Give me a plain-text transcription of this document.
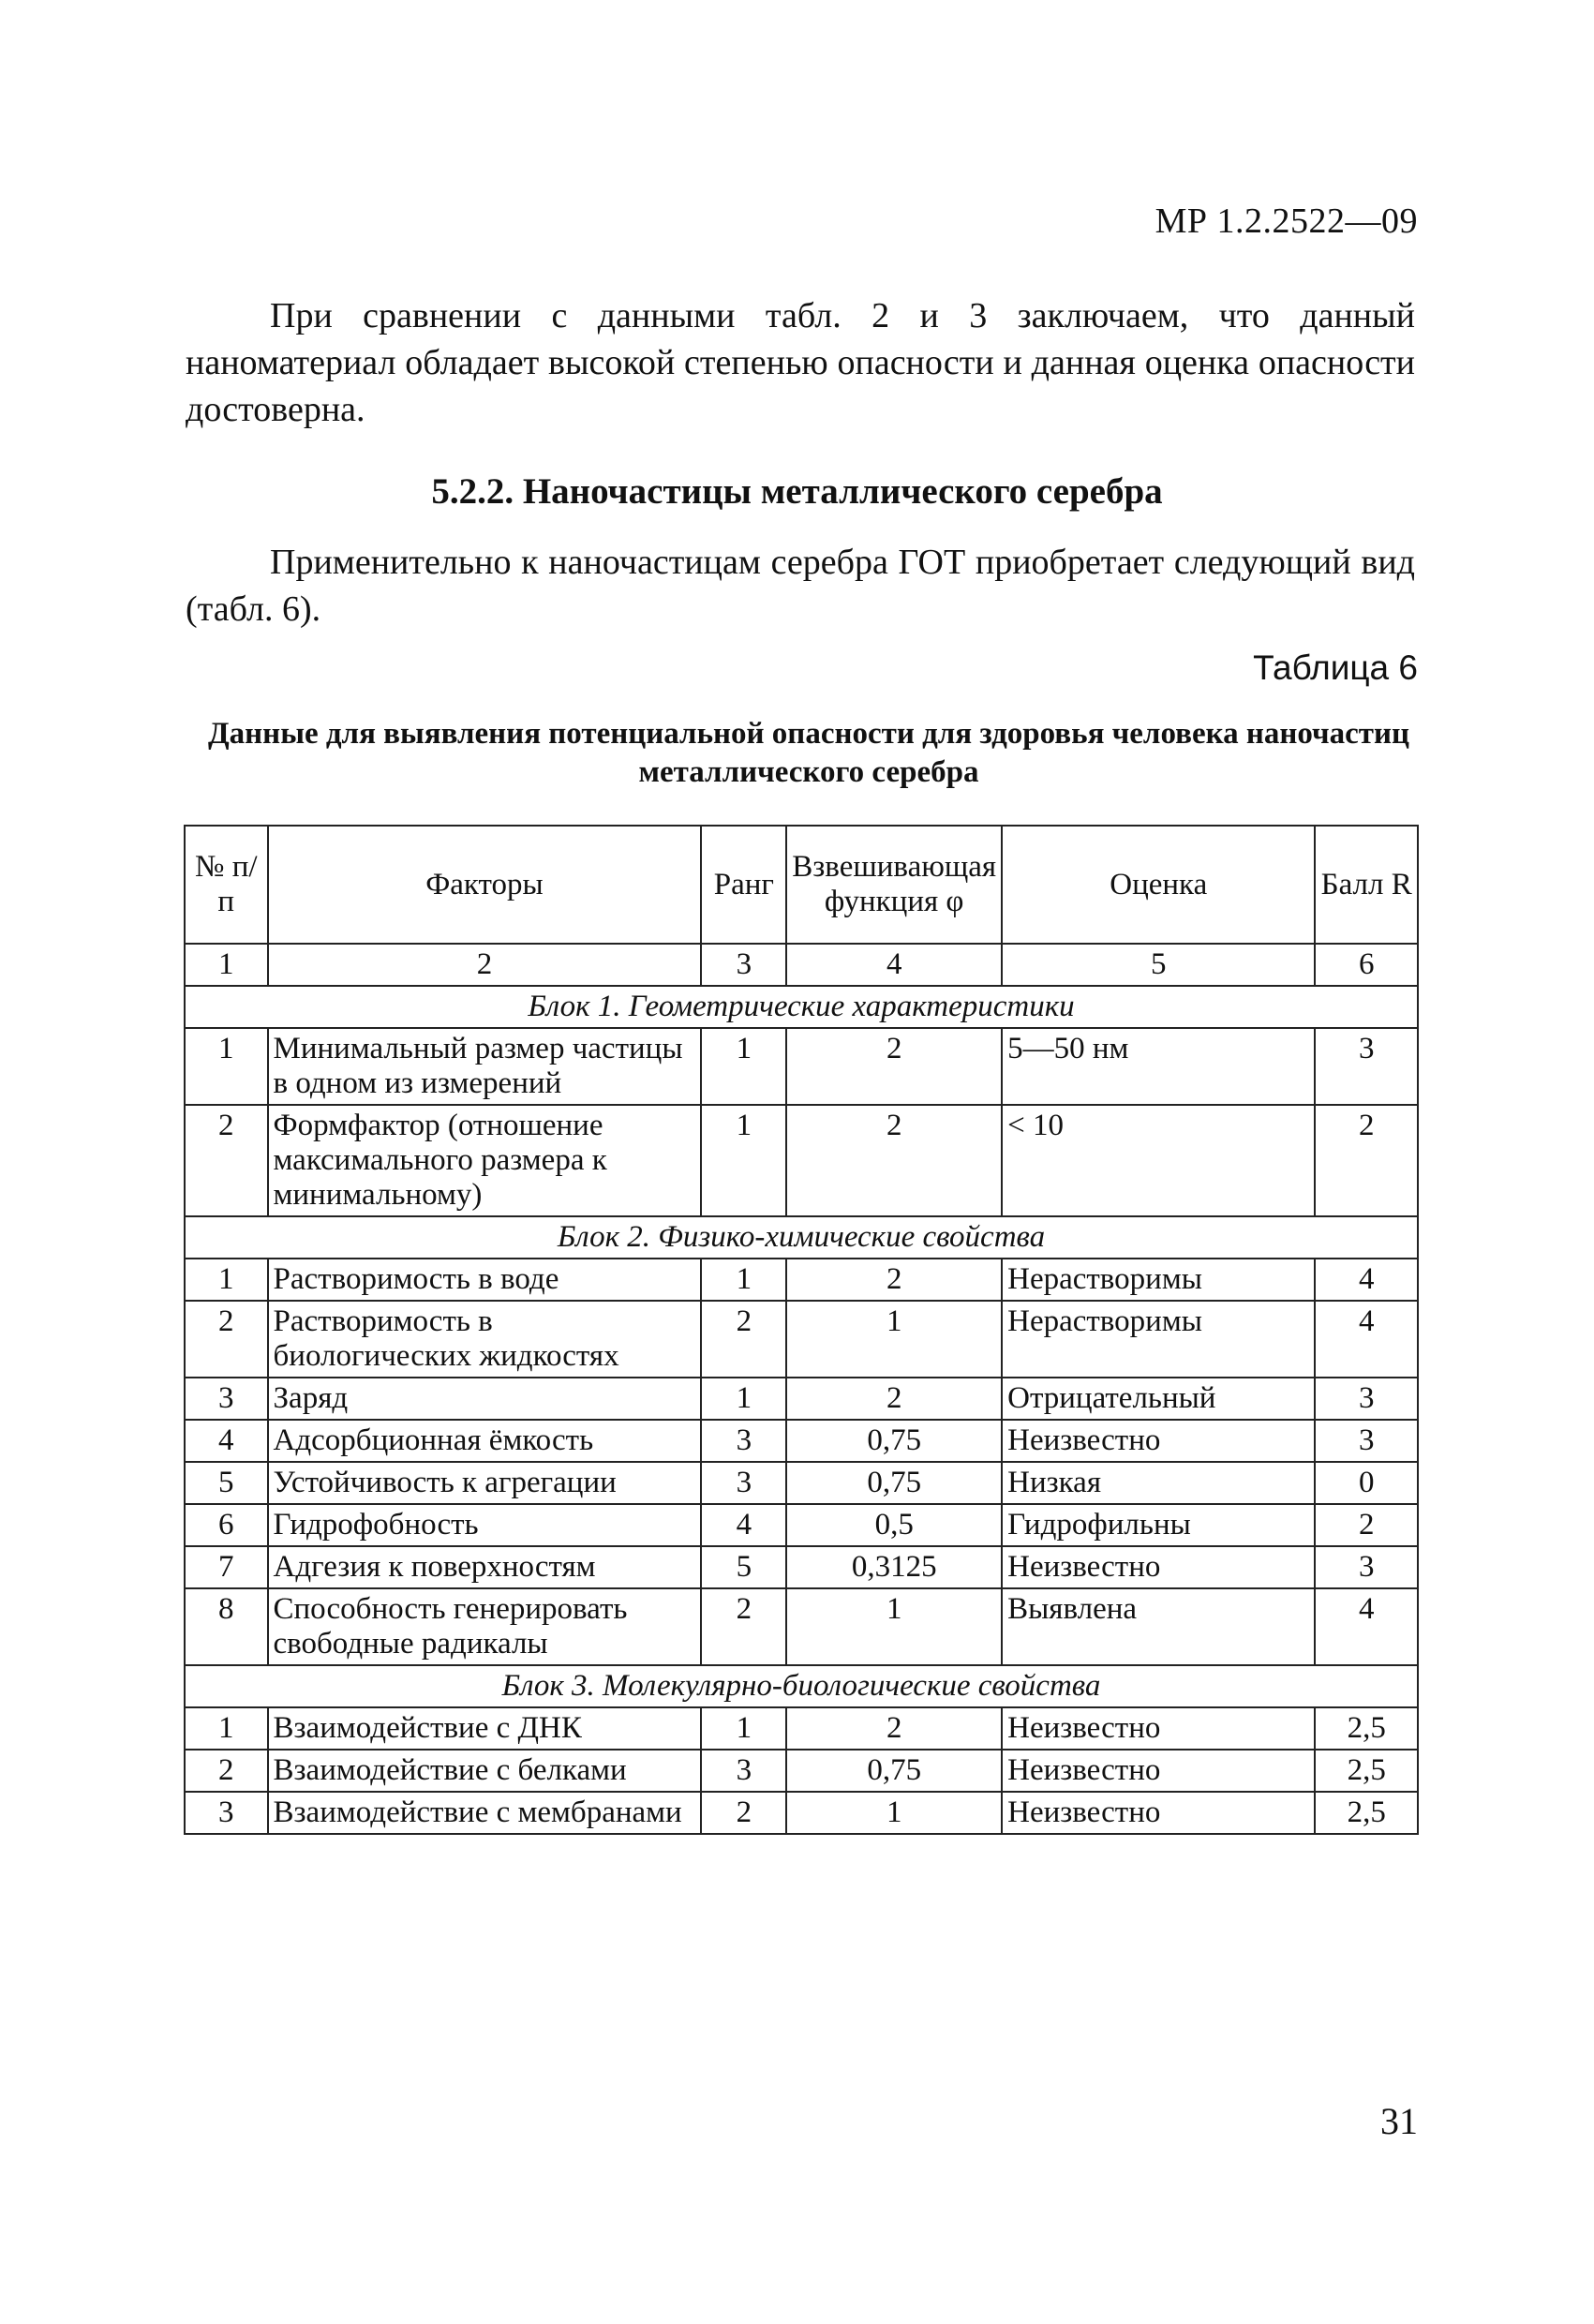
МР 1.2.2522—09

При сравнении с данными табл. 2 и 3 заключаем, что данный наноматериал обладает высокой степенью опасности и данная оценка опасности достоверна.

5.2.2. Наночастицы металлического серебра

Применительно к наночастицам серебра ГОТ приобретает следующий вид (табл. 6).

Таблица 6

Данные для выявления потенциальной опасности для здоровья человека наночастиц металлического серебра

№ п/п	Факторы	Ранг	Взвешивающая функция φ	Оценка	Балл R
1	2	3	4	5	6
Блок 1. Геометрические характеристики					
1	Минимальный размер частицы в одном из измерений	1	2	5—50 нм	3
2	Формфактор (отношение максимального размера к минимальному)	1	2	< 10	2
Блок 2. Физико-химические свойства					
1	Растворимость в воде	1	2	Нерастворимы	4
2	Растворимость в биологических жидкостях	2	1	Нерастворимы	4
3	Заряд	1	2	Отрицательный	3
4	Адсорбционная ёмкость	3	0,75	Неизвестно	3
5	Устойчивость к агрегации	3	0,75	Низкая	0
6	Гидрофобность	4	0,5	Гидрофильны	2
7	Адгезия к поверхностям	5	0,3125	Неизвестно	3
8	Способность генерировать свободные радикалы	2	1	Выявлена	4
Блок 3. Молекулярно-биологические свойства					
1	Взаимодействие с ДНК	1	2	Неизвестно	2,5
2	Взаимодействие с белками	3	0,75	Неизвестно	2,5
3	Взаимодействие с мембранами	2	1	Неизвестно	2,5
31
